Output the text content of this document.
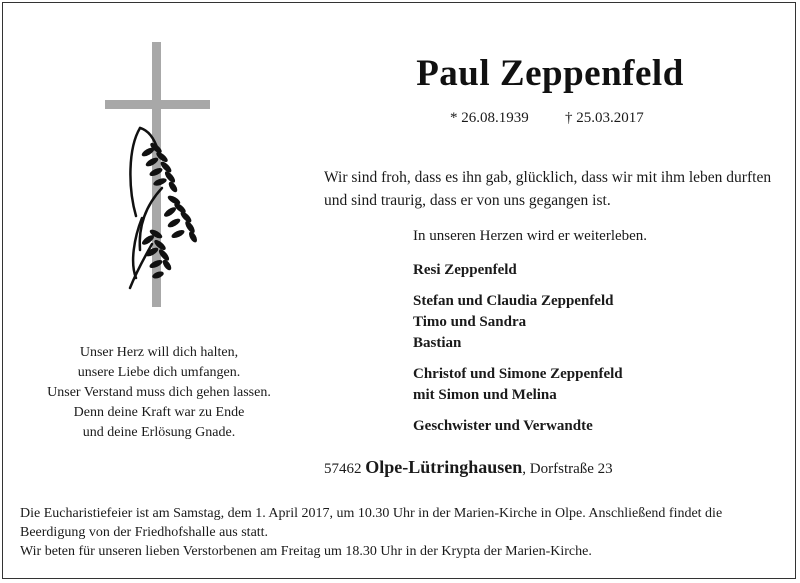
Paul Zeppenfeld
* 26.08.1939 † 25.03.2017
Wir sind froh, dass es ihn gab, glücklich, dass wir mit ihm leben durften und sind traurig, dass er von uns gegangen ist.
In unseren Herzen wird er weiterleben.
Resi Zeppenfeld
Stefan und Claudia Zeppenfeld
Timo und Sandra
Bastian
Christof und Simone Zeppenfeld
mit Simon und Melina
Geschwister und Verwandte
57462 Olpe-Lütringhausen, Dorfstraße 23
Unser Herz will dich halten,
unsere Liebe dich umfangen.
Unser Verstand muss dich gehen lassen.
Denn deine Kraft war zu Ende
und deine Erlösung Gnade.
Die Eucharistiefeier ist am Samstag, dem 1. April 2017, um 10.30 Uhr in der Marien-Kirche in Olpe. Anschließend findet die Beerdigung von der Friedhofshalle aus statt.
Wir beten für unseren lieben Verstorbenen am Freitag um 18.30 Uhr in der Krypta der Marien-Kirche.
